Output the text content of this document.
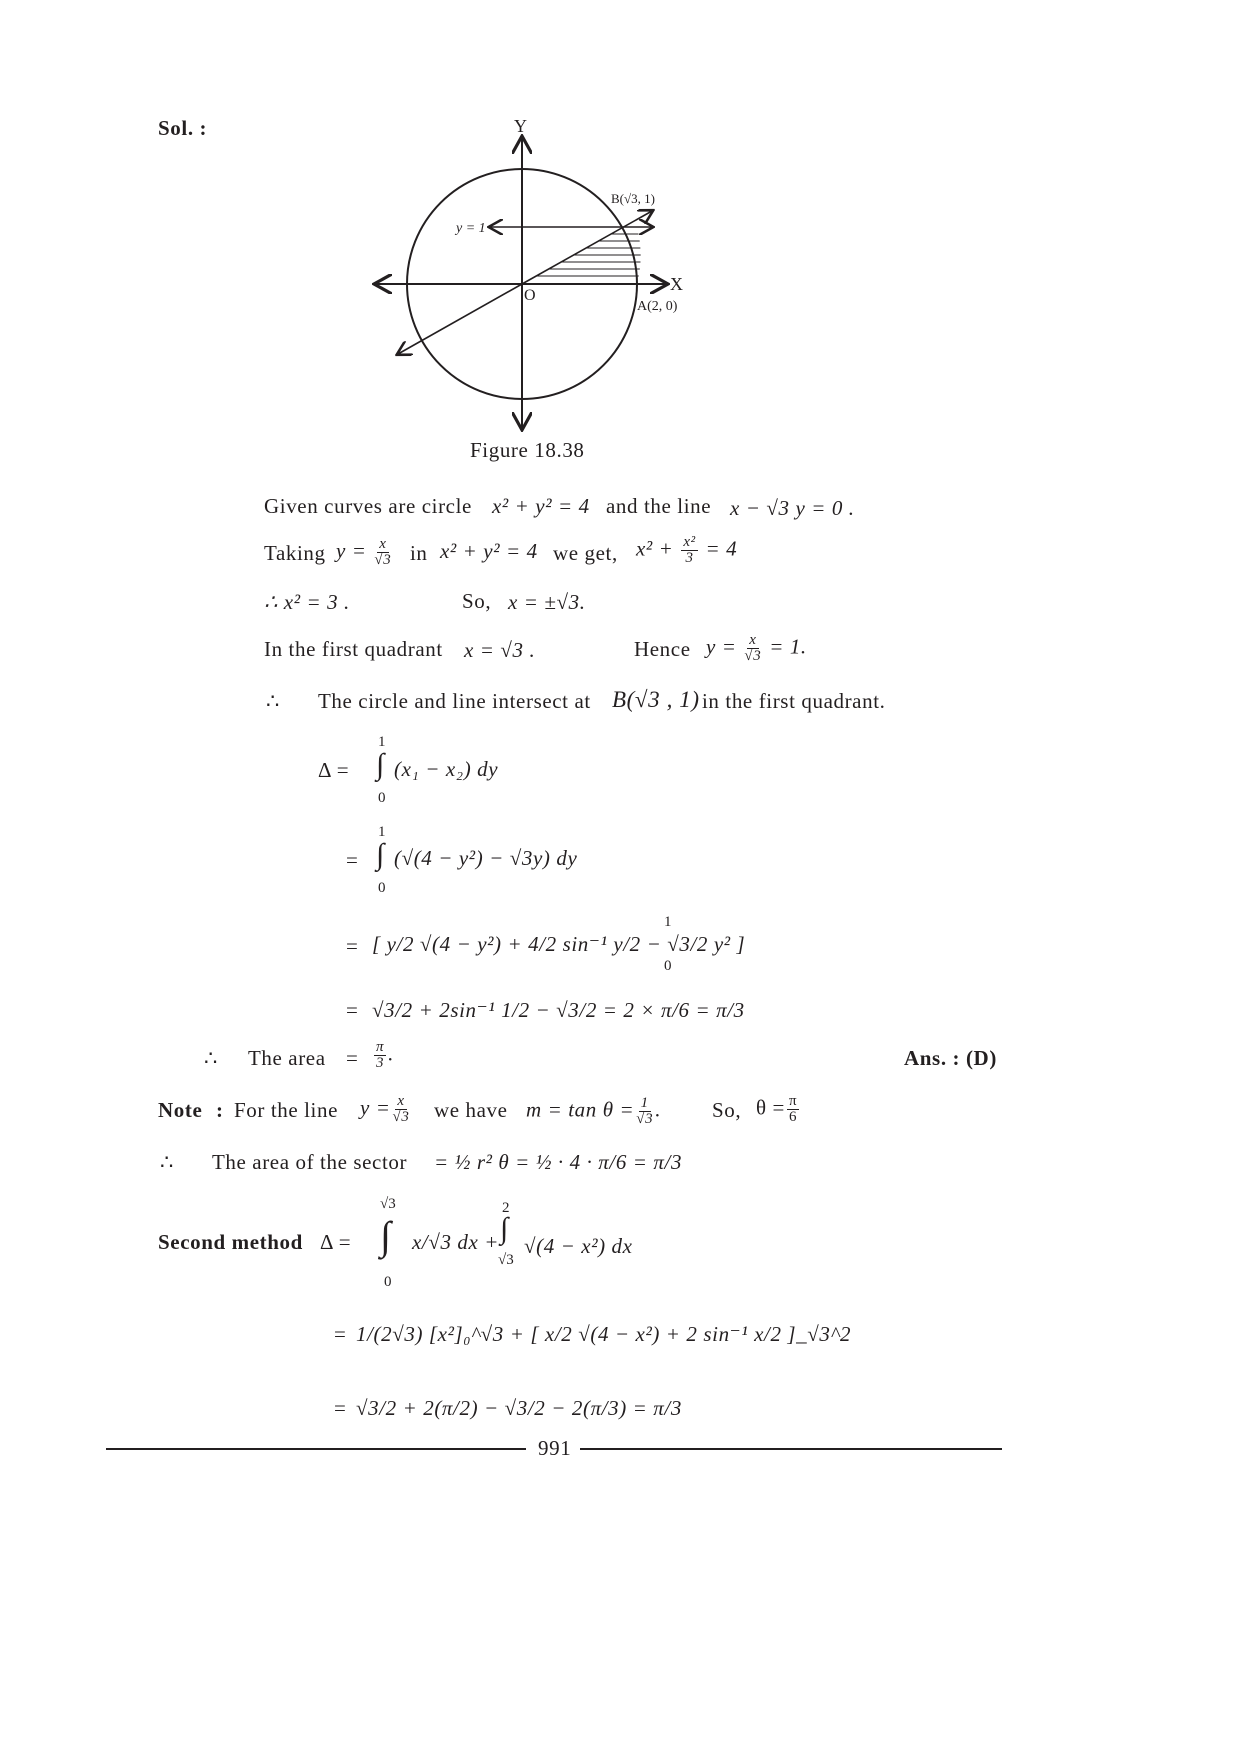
Sol. :	Y
X
O
y = 1
A(2, 0)
B(√3, 1)
Figure 18.38
Given curves are circle x² + y² = 4 and the line x − √3 y = 0 .
Taking $y = \frac{x}{√3}$ in x² + y² = 4 we get, $x^2 + \frac{\text{x²}}{3} = 4$
∴ x² = 3 .	So, x = ±√3.
In the first quadrant x = √3 .	Hence $y = \frac{x}{√3} = 1$.
∴ The circle and line intersect at B(√3 , 1) in the first quadrant.
Δ =
1
∫
0
(x₁ − x₂) dy
=
1
∫
0
(√(4 − y²) − √3y) dy
= [ y/2 √(4 − y²) + 4/2 sin⁻¹ y/2 − √3/2 y² ]
1
0
= √3/2 + 2sin⁻¹ 1/2 − √3/2 = 2 × π/6 = π/3
∴ The area = $\frac{\pi}{3}$ .	Ans. : (D)
Note : For the line $y = \frac{x}{√3}$ we have $m = \tan \theta = \frac{1}{√3}$ . So, $\theta = \frac{\pi}{6}$
∴ The area of the sector = ½ r² θ = ½ · 4 · π/6 = π/3
Second method Δ =
√3
∫
0
x/√3 dx +
2
∫
√3
√(4 − x²) dx
= 1/(2√3) [x²]₀^√3 + [ x/2 √(4 − x²) + 2 sin⁻¹ x/2 ]_√3^2
= √3/2 + 2(π/2) − √3/2 − 2(π/3) = π/3
991
